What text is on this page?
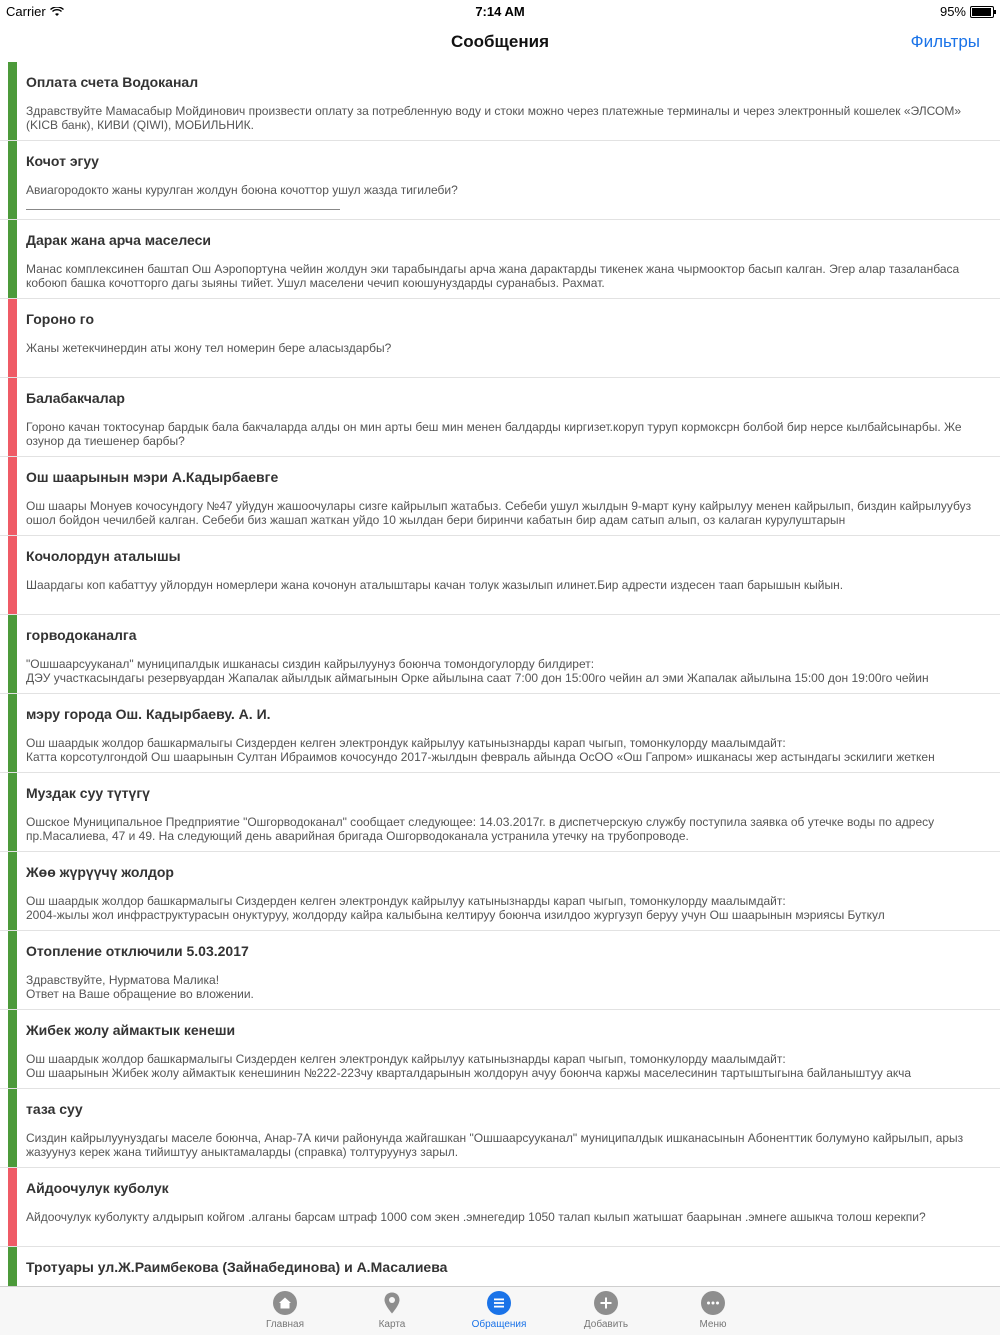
Carrier	7:14 AM	95%
Сообщения	Фильтры
Оплата счета Водоканал
Здравствуйте Мамасабыр Мойдинович произвести оплату за потребленную воду и стоки можно через платежные терминалы и через электронный кошелек «ЭЛСОМ» (KICB банк), КИВИ (QIWI), МОБИЛЬНИК.
Кочот эгуу
Авиагородокто жаны курулган жолдун боюна кочоттор ушул жазда тигилеби?
Дарак жана арча маселеси
Манас комплексинен баштап Ош Аэропортуна чейин жолдун эки тарабындагы арча жана дарактарды тикенек жана чырмооктор басып калган. Эгер алар тазаланбаса кобоюп башка кочотторго дагы зыяны тийет. Ушул маселени чечип коюшунуздарды суранабыз. Рахмат.
Гороно го
Жаны жетекчинердин аты жону тел номерин бере аласыздарбы?
Балабакчалар
Гороно качан токтосунар бардык бала бакчаларда алды он мин арты беш мин менен балдарды киргизет.коруп туруп кормоксрн болбой бир нерсе кылбайсынарбы. Же озунор да тиешенер барбы?
Ош шаарынын мэри А.Кадырбаевге
Ош шаары Монуев кочосундогу №47 уйудун жашоочулары сизге кайрылып жатабыз. Себеби ушул жылдын 9-март куну кайрылуу менен кайрылып, биздин кайрылуубуз ошол бойдон чечилбей калган. Себеби биз жашап жаткан уйдо 10 жылдан бери биринчи кабатын бир адам сатып алып, оз калаган курулуштарын
Кочолордун аталышы
Шаардагы коп кабаттуу уйлордун номерлери жана кочонун аталыштары качан толук жазылып илинет.Бир адрести издесен таап барышын кыйын.
горводоканалга
"Ошшаарсууканал" муниципалдык ишканасы сиздин кайрылуунуз боюнча томондогулорду билдирет:
ДЭУ участкасындагы резервуардан Жапалак айылдык аймагынын Орке айылына саат 7:00 дон 15:00го чейин ал эми Жапалак айылына 15:00 дон 19:00го чейин
мэру города Ош. Кадырбаеву. А. И.
Ош шаардык жолдор башкармалыгы Сиздерден келген электрондук кайрылуу катынызнарды карап чыгып, томонкулорду маалымдайт:
Катта корсотулгондой Ош шаарынын Султан Ибраимов кочосундо 2017-жылдын февраль айында ОсОО «Ош Гапром» ишканасы жер астындагы эскилиги жеткен
Муздак суу түтүгү
Ошское Муниципальное Предприятие "Ошгорводоканал" сообщает следующее: 14.03.2017г. в диспетчерскую службу поступила заявка об утечке воды по адресу пр.Масалиева, 47 и 49. На следующий день аварийная бригада Ошгорводоканала устранила утечку на трубопроводе.
Жөө жүрүүчү жолдор
Ош шаардык жолдор башкармалыгы Сиздерден келген электрондук кайрылуу катынызнарды карап чыгып, томонкулорду маалымдайт:
2004-жылы жол инфраструктурасын онуктуруу, жолдорду кайра калыбына келтируу боюнча изилдоо жургузуп беруу учун Ош шаарынын мэриясы Буткул
Отопление отключили 5.03.2017
Здравствуйте, Нурматова Малика!
Ответ на Ваше обращение во вложении.
Жибек жолу аймактык кенеши
Ош шаардык жолдор башкармалыгы Сиздерден келген электрондук кайрылуу катынызнарды карап чыгып, томонкулорду маалымдайт:
Ош шаарынын Жибек жолу аймактык кенешинин №222-223чу кварталдарынын жолдорун ачуу боюнча каржы маселесинин тартыштыгына байланыштуу акча
таза суу
Сиздин кайрылуунуздагы маселе боюнча, Анар-7А кичи районунда жайгашкан "Ошшаарсууканал" муниципалдык ишканасынын Абоненттик болумуно кайрылып, арыз жазуунуз керек жана тийиштуу аныктамаларды (справка) толтуруунуз зарыл.
Айдоочулук куболук
Айдоочулук куболукту алдырып койгом .алганы барсам штраф 1000 сом экен .эмнегедир 1050 талап кылып жатышат баарынан .эмнеге ашыкча толош керекпи?
Тротуары ул.Ж.Раимбекова (Зайнабединова) и А.Масалиева
Главная	Карта	Обращения	Добавить	Меню
